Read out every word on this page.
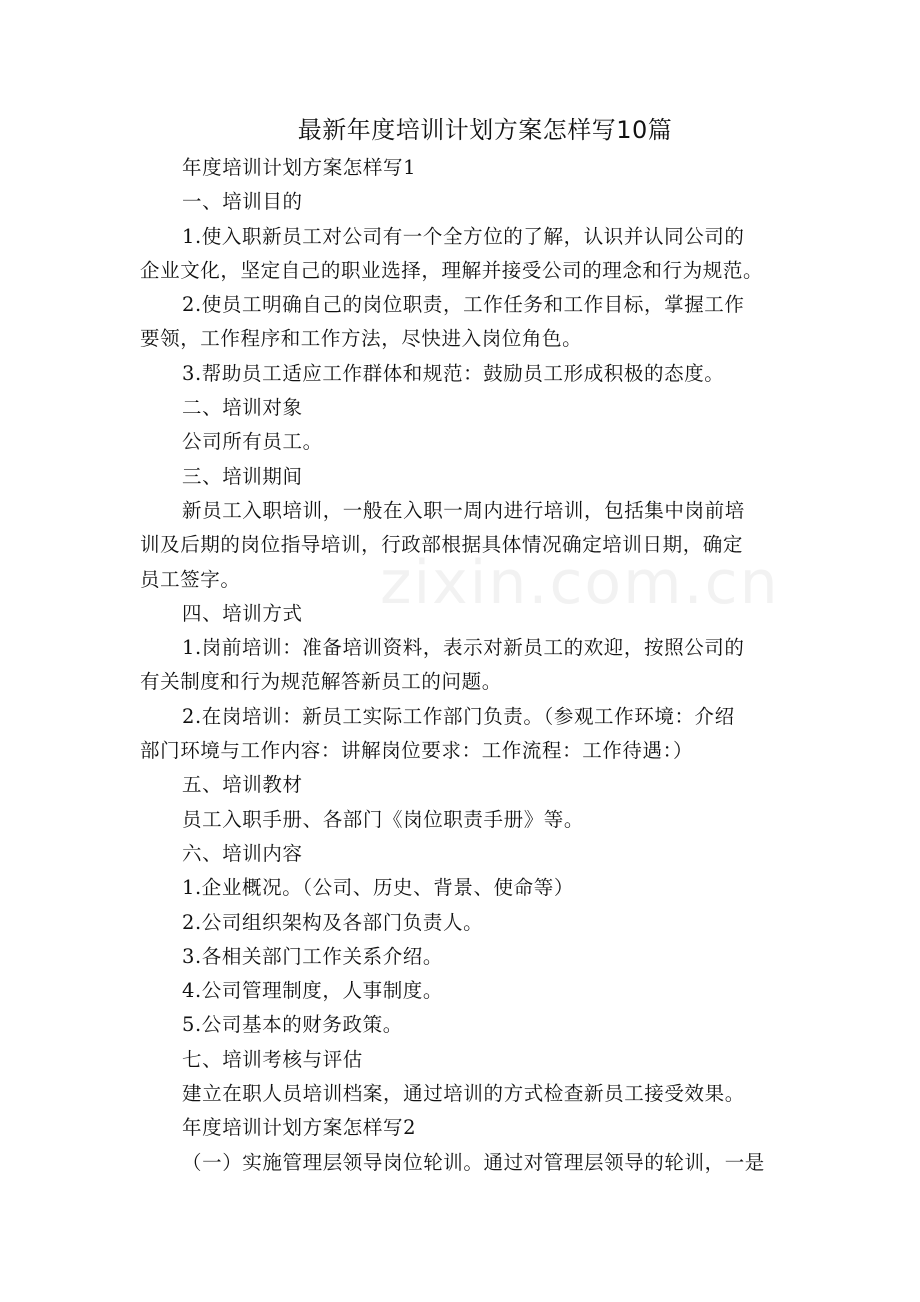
最新年度培训计划方案怎样写10篇
zixin.com.cn
年度培训计划方案怎样写1
一、培训目的
1.使入职新员工对公司有一个全方位的了解，认识并认同公司的
企业文化，坚定自己的职业选择，理解并接受公司的理念和行为规范。
2.使员工明确自己的岗位职责，工作任务和工作目标，掌握工作
要领，工作程序和工作方法，尽快进入岗位角色。
3.帮助员工适应工作群体和规范：鼓励员工形成积极的态度。
二、培训对象
公司所有员工。
三、培训期间
新员工入职培训，一般在入职一周内进行培训，包括集中岗前培
训及后期的岗位指导培训，行政部根据具体情况确定培训日期，确定
员工签字。
四、培训方式
1.岗前培训：准备培训资料，表示对新员工的欢迎，按照公司的
有关制度和行为规范解答新员工的问题。
2.在岗培训：新员工实际工作部门负责。（参观工作环境：介绍
部门环境与工作内容：讲解岗位要求：工作流程：工作待遇：）
五、培训教材
员工入职手册、各部门《岗位职责手册》等。
六、培训内容
1.企业概况。（公司、历史、背景、使命等）
2.公司组织架构及各部门负责人。
3.各相关部门工作关系介绍。
4.公司管理制度，人事制度。
5.公司基本的财务政策。
七、培训考核与评估
建立在职人员培训档案，通过培训的方式检查新员工接受效果。
年度培训计划方案怎样写2
（一）实施管理层领导岗位轮训。通过对管理层领导的轮训，一是
